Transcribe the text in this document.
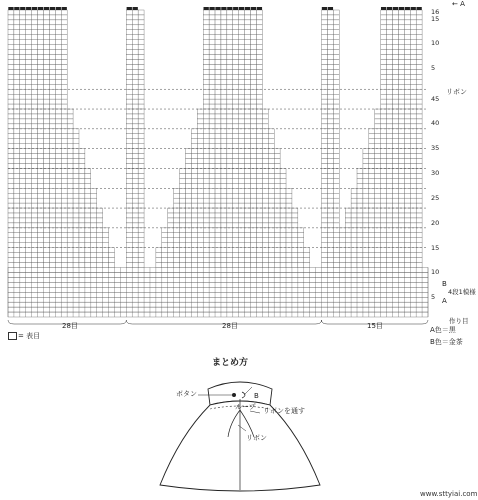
16
15
10
5
45
40
35
30
25
20
15
10
5
← A
リボン
B
A
4段1模様
作り目
28目	28目	15目
= 表目
A色＝黒
B色＝金茶
まとめ方
ボタン
ループ
B
リボンを通す
リボン
www.sttyiai.com
